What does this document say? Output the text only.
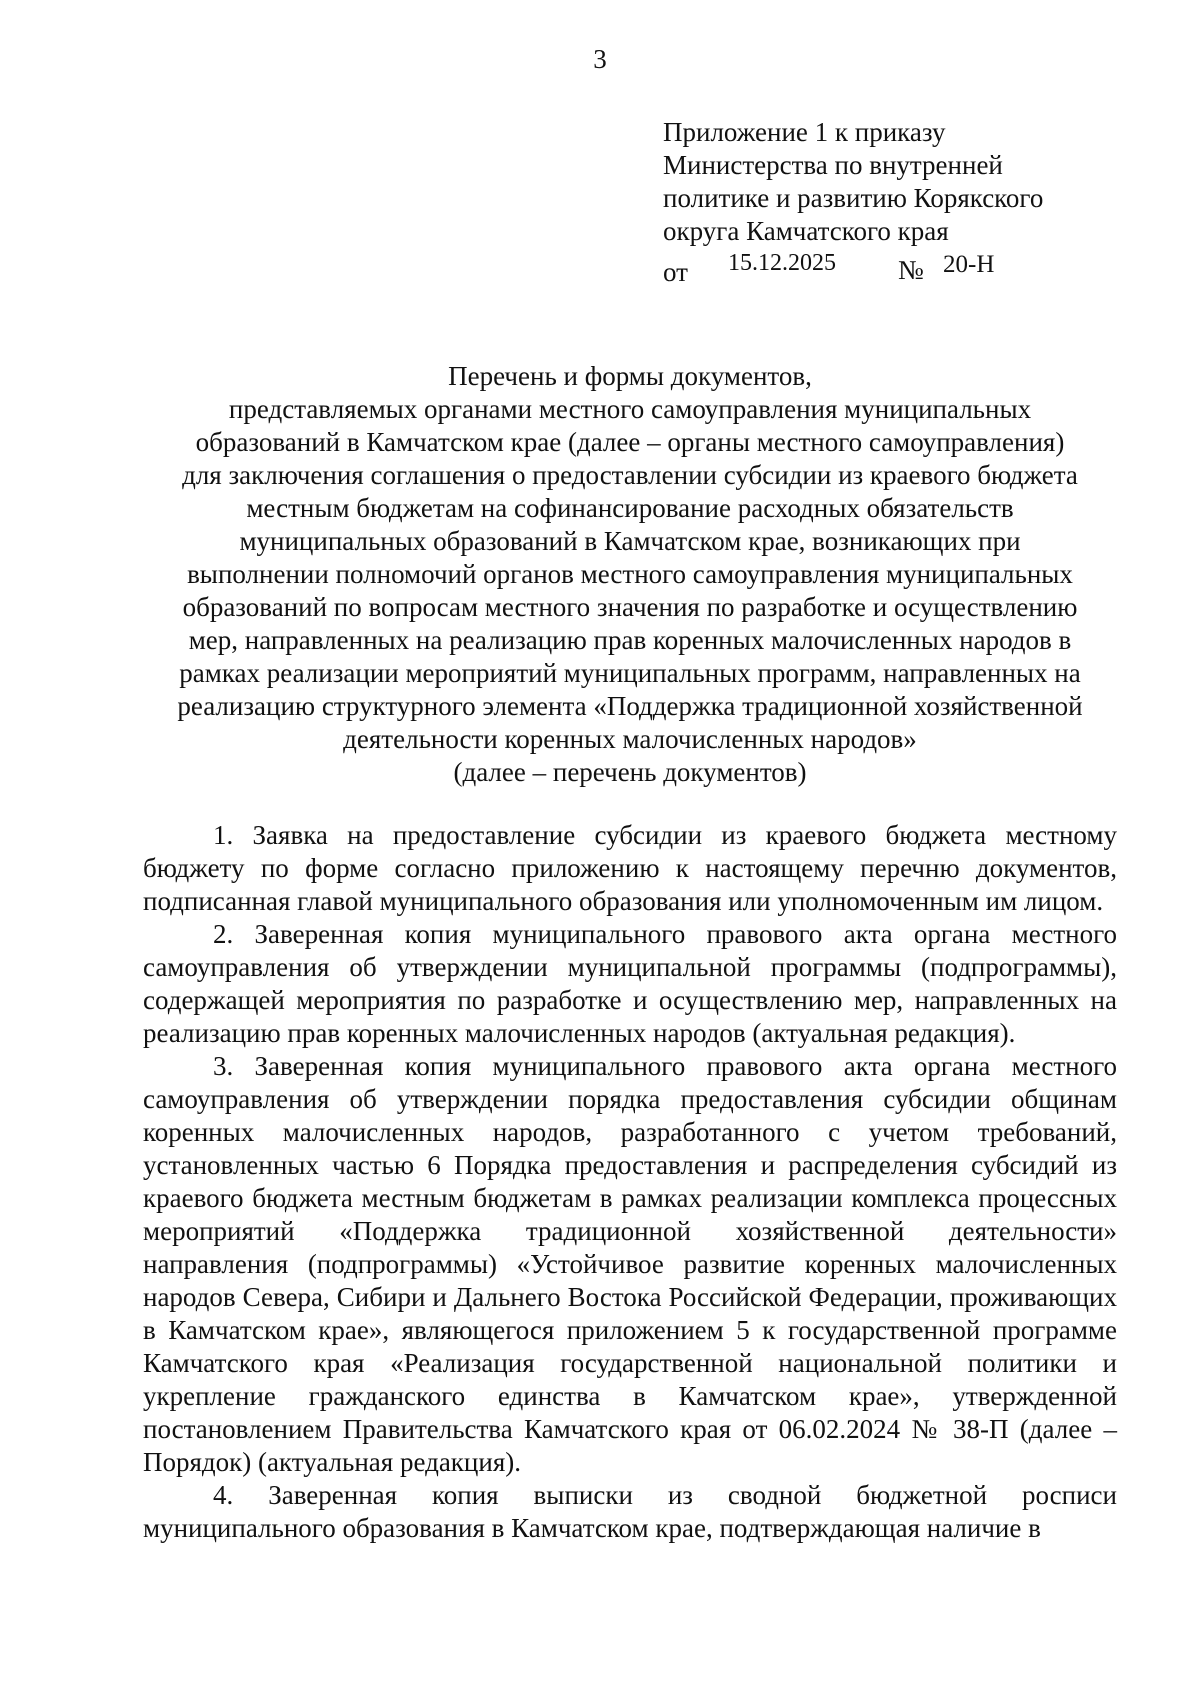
3
Приложение 1 к приказу
Министерства по внутренней
политике и развитию Корякского
округа Камчатского края
от 15.12.2025 № 20-Н
Перечень и формы документов,
представляемых органами местного самоуправления муниципальных
образований в Камчатском крае (далее – органы местного самоуправления)
для заключения соглашения о предоставлении субсидии из краевого бюджета
местным бюджетам на софинансирование расходных обязательств
муниципальных образований в Камчатском крае, возникающих при
выполнении полномочий органов местного самоуправления муниципальных
образований по вопросам местного значения по разработке и осуществлению
мер, направленных на реализацию прав коренных малочисленных народов в
рамках реализации мероприятий муниципальных программ, направленных на
реализацию структурного элемента «Поддержка традиционной хозяйственной
деятельности коренных малочисленных народов»
(далее – перечень документов)

1. Заявка на предоставление субсидии из краевого бюджета местному бюджету по форме согласно приложению к настоящему перечню документов, подписанная главой муниципального образования или уполномоченным им лицом.

2. Заверенная копия муниципального правового акта органа местного самоуправления об утверждении муниципальной программы (подпрограммы), содержащей мероприятия по разработке и осуществлению мер, направленных на реализацию прав коренных малочисленных народов (актуальная редакция).

3. Заверенная копия муниципального правового акта органа местного самоуправления об утверждении порядка предоставления субсидии общинам коренных малочисленных народов, разработанного с учетом требований, установленных частью 6 Порядка предоставления и распределения субсидий из краевого бюджета местным бюджетам в рамках реализации комплекса процессных мероприятий «Поддержка традиционной хозяйственной деятельности» направления (подпрограммы) «Устойчивое развитие коренных малочисленных народов Севера, Сибири и Дальнего Востока Российской Федерации, проживающих в Камчатском крае», являющегося приложением 5 к государственной программе Камчатского края «Реализация государственной национальной политики и укрепление гражданского единства в Камчатском крае», утвержденной постановлением Правительства Камчатского края от 06.02.2024 № 38-П (далее – Порядок) (актуальная редакция).

4. Заверенная копия выписки из сводной бюджетной росписи муниципального образования в Камчатском крае, подтверждающая наличие в
